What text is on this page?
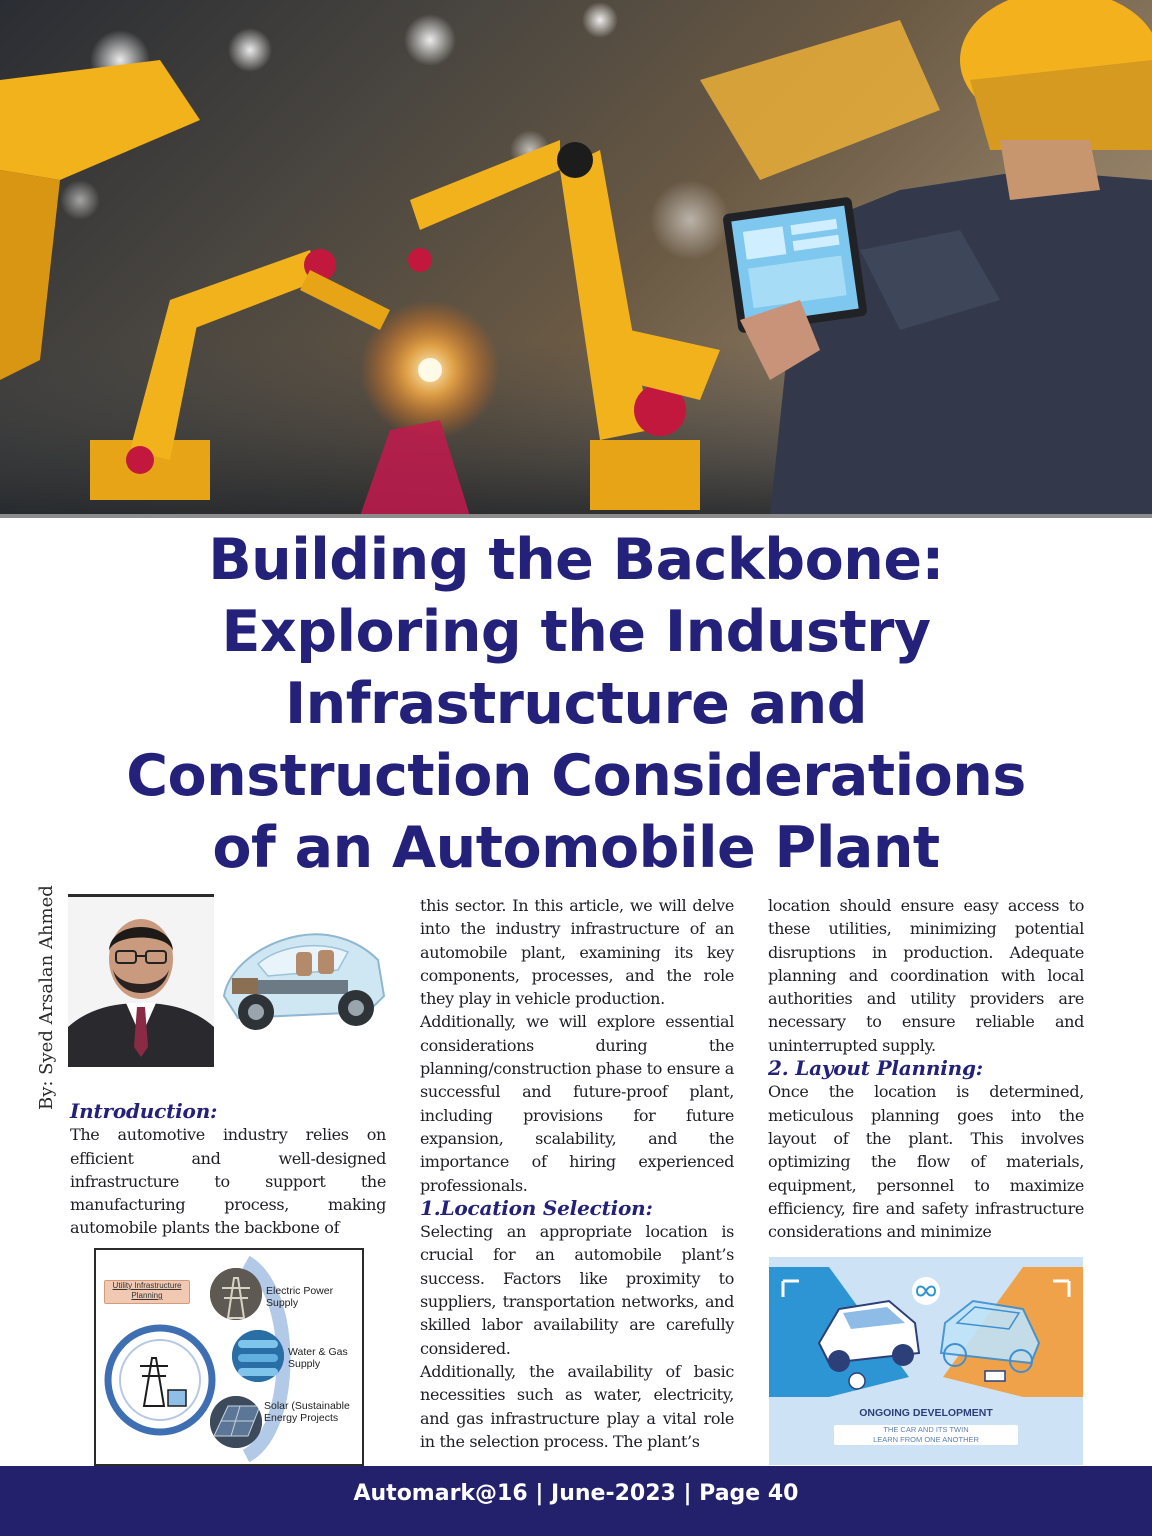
Building the Backbone:
Exploring the Industry
Infrastructure and
Construction Considerations
of an Automobile Plant
By: Syed Arsalan Ahmed
Introduction:

The automotive industry relies on efficient and well-designed infrastructure to support the manufacturing process, making automobile plants the backbone of

Utility Infrastructure Planning	Electric Power Supply
Water & Gas Supply
Solar (Sustainable Energy Projects

this sector. In this article, we will delve into the industry infrastructure of an automobile plant, examining its key components, processes, and the role they play in vehicle production.

Additionally, we will explore essential considerations during the planning/construction phase to ensure a successful and future-proof plant, including provisions for future expansion, scalability, and the importance of hiring experienced professionals.

1.Location Selection:

Selecting an appropriate location is crucial for an automobile plant’s success. Factors like proximity to suppliers, transportation networks, and skilled labor availability are carefully considered.

Additionally, the availability of basic necessities such as water, electricity, and gas infrastructure play a vital role in the selection process. The plant’s

location should ensure easy access to these utilities, minimizing potential disruptions in production. Adequate planning and coordination with local authorities and utility providers are necessary to ensure reliable and uninterrupted supply.

2. Layout Planning:

Once the location is determined, meticulous planning goes into the layout of the plant. This involves optimizing the flow of materials, equipment, personnel to maximize efficiency, fire and safety infrastructure considerations and minimize

ONGOING DEVELOPMENT
THE CAR AND ITS TWIN
LEARN FROM ONE ANOTHER
Automark@16 | June-2023 | Page 40
